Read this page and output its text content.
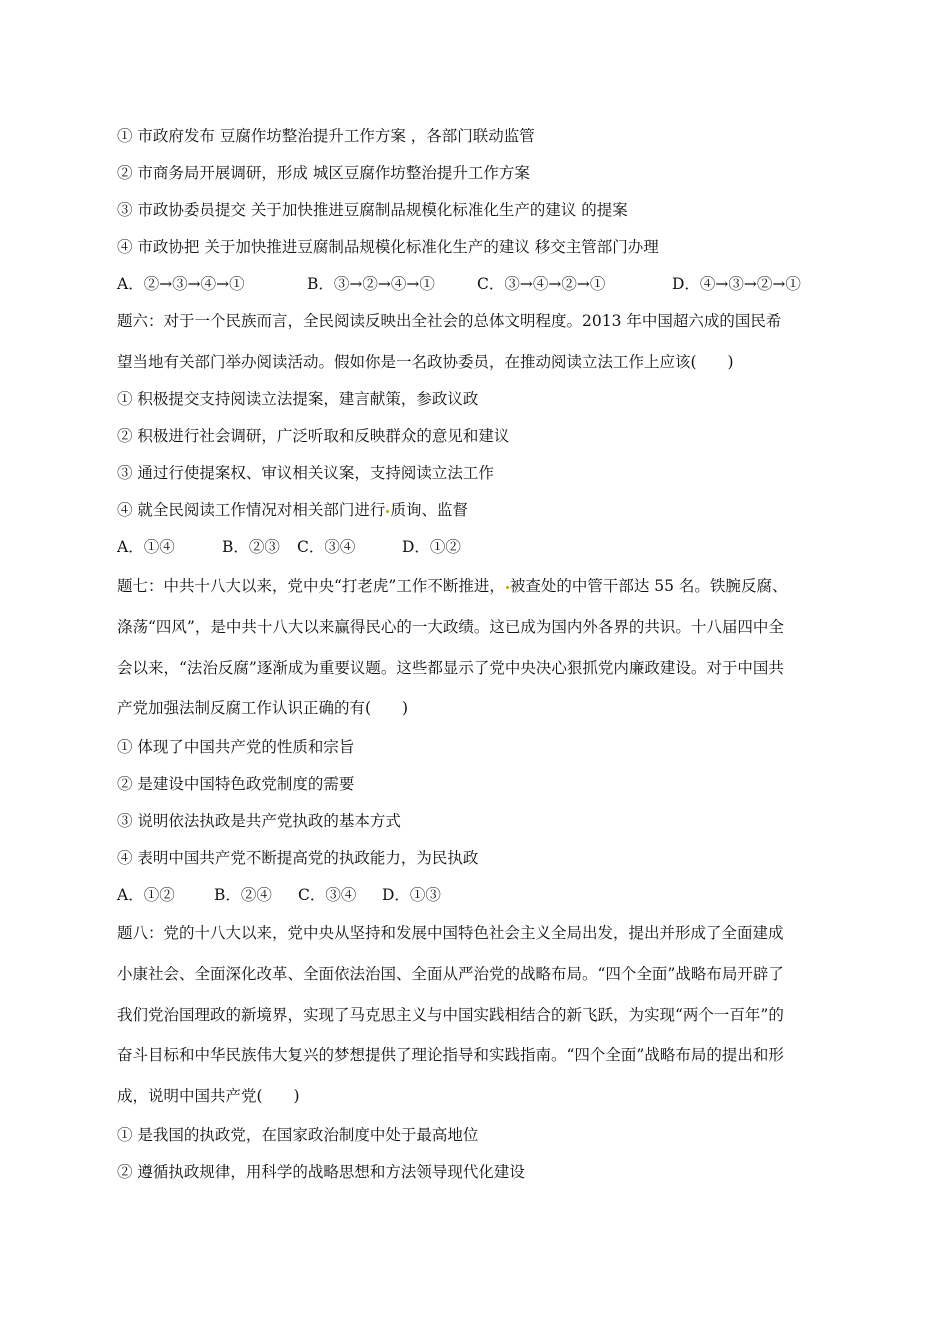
① 市政府发布 豆腐作坊整治提升工作方案 ，各部门联动监管
② 市商务局开展调研，形成 城区豆腐作坊整治提升工作方案
③ 市政协委员提交 关于加快推进豆腐制品规模化标准化生产的建议 的提案
④ 市政协把 关于加快推进豆腐制品规模化标准化生产的建议 移交主管部门办理
A．②→③→④→①	B．③→②→④→①	C．③→④→②→①	D．④→③→②→①
题六：对于一个民族而言，全民阅读反映出全社会的总体文明程度。2013 年中国超六成的国民希
望当地有关部门举办阅读活动。假如你是一名政协委员，在推动阅读立法工作上应该(　　)
① 积极提交支持阅读立法提案，建言献策，参政议政
② 积极进行社会调研，广泛听取和反映群众的意见和建议
③ 通过行使提案权、审议相关议案，支持阅读立法工作
④ 就全民阅读工作情况对相关部门进行 质询、监督
A．①④	B．②③ C．③④	D．①②
题七：中共十八大以来，党中央“打老虎”工作不断推进， 被查处的中管干部达 55 名。铁腕反腐、
涤荡“四风”，是中共十八大以来赢得民心的一大政绩。这已成为国内外各界的共识。十八届四中全
会以来，“法治反腐”逐渐成为重要议题。这些都显示了党中央决心狠抓党内廉政建设。对于中国共
产党加强法制反腐工作认识正确的有(　　)
① 体现了中国共产党的性质和宗旨
② 是建设中国特色政党制度的需要
③ 说明依法执政是共产党执政的基本方式
④ 表明中国共产党不断提高党的执政能力，为民执政
A．①②	B．②④ C．③④ D．①③
题八：党的十八大以来，党中央从坚持和发展中国特色社会主义全局出发，提出并形成了全面建成
小康社会、全面深化改革、全面依法治国、全面从严治党的战略布局。“四个全面”战略布局开辟了
我们党治国理政的新境界，实现了马克思主义与中国实践相结合的新飞跃，为实现“两个一百年”的
奋斗目标和中华民族伟大复兴的梦想提供了理论指导和实践指南。“四个全面”战略布局的提出和形
成，说明中国共产党(　　)
① 是我国的执政党，在国家政治制度中处于最高地位
② 遵循执政规律，用科学的战略思想和方法领导现代化建设
